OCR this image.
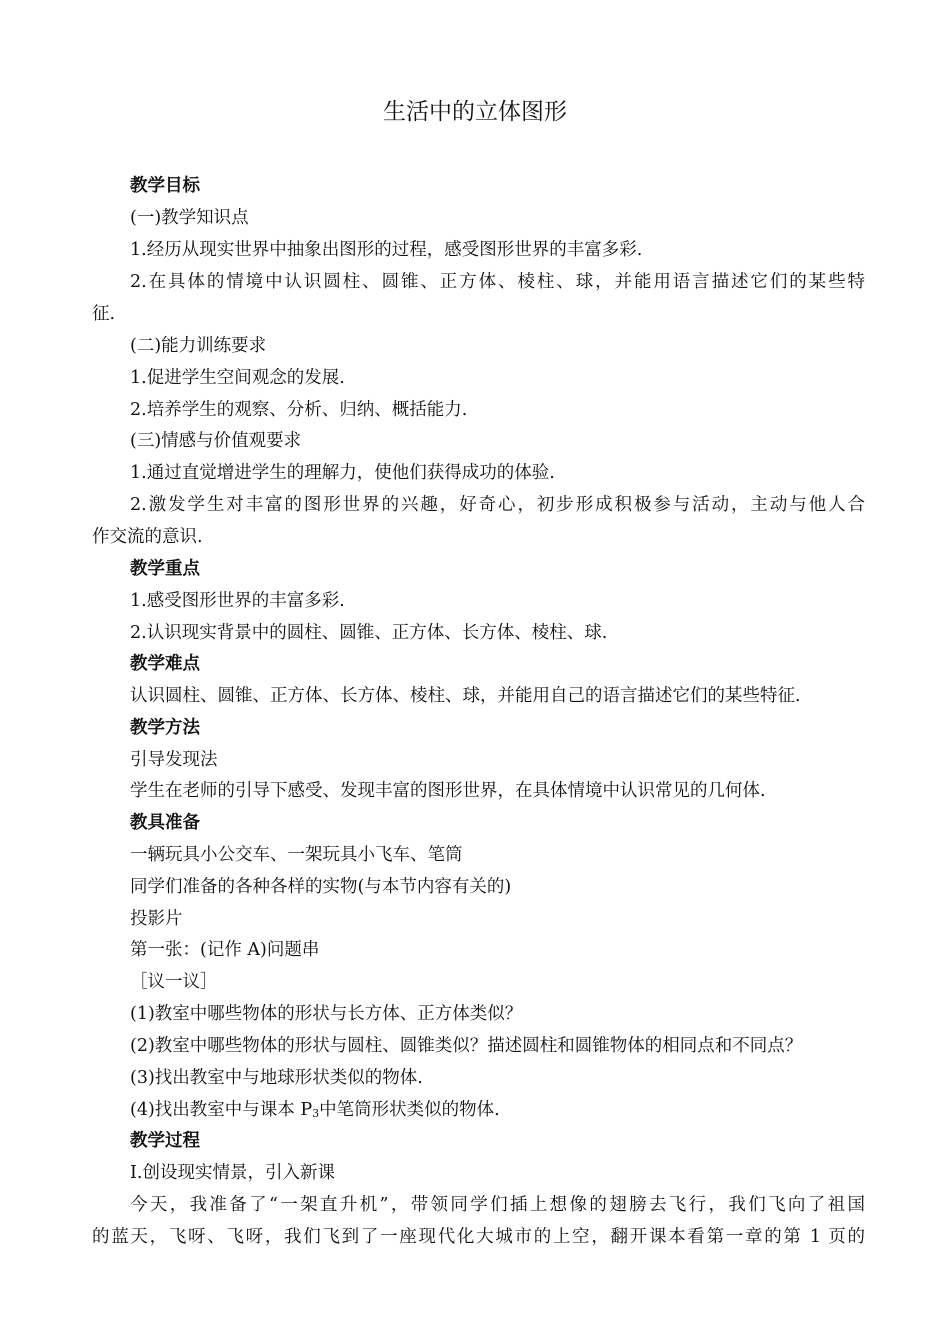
生活中的立体图形
教学目标
(一)教学知识点
1.经历从现实世界中抽象出图形的过程，感受图形世界的丰富多彩.
2.在具体的情境中认识圆柱、圆锥、正方体、棱柱、球，并能用语言描述它们的某些特
征.
(二)能力训练要求
1.促进学生空间观念的发展.
2.培养学生的观察、分析、归纳、概括能力.
(三)情感与价值观要求
1.通过直觉增进学生的理解力，使他们获得成功的体验.
2.激发学生对丰富的图形世界的兴趣，好奇心，初步形成积极参与活动，主动与他人合
作交流的意识.
教学重点
1.感受图形世界的丰富多彩.
2.认识现实背景中的圆柱、圆锥、正方体、长方体、棱柱、球.
教学难点
认识圆柱、圆锥、正方体、长方体、棱柱、球，并能用自己的语言描述它们的某些特征.
教学方法
引导发现法
学生在老师的引导下感受、发现丰富的图形世界，在具体情境中认识常见的几何体.
教具准备
一辆玩具小公交车、一架玩具小飞车、笔筒
同学们准备的各种各样的实物(与本节内容有关的)
投影片
第一张：(记作 A)问题串
［议一议］
(1)教室中哪些物体的形状与长方体、正方体类似？
(2)教室中哪些物体的形状与圆柱、圆锥类似？描述圆柱和圆锥物体的相同点和不同点？
(3)找出教室中与地球形状类似的物体.
(4)找出教室中与课本 $P_3$中笔筒形状类似的物体.
教学过程
Ⅰ.创设现实情景，引入新课
今天，我准备了“一架直升机”，带领同学们插上想像的翅膀去飞行，我们飞向了祖国
的蓝天，飞呀、飞呀，我们飞到了一座现代化大城市的上空，翻开课本看第一章的第 1 页的
